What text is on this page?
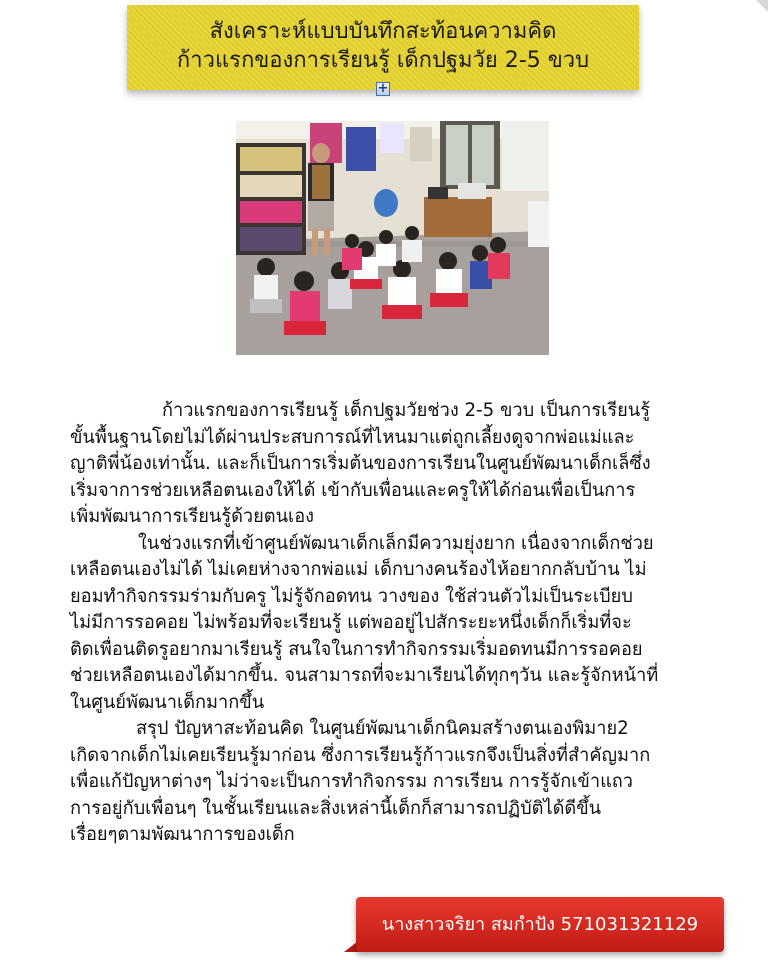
สังเคราะห์แบบบันทึกสะท้อนความคิด
ก้าวแรกของการเรียนรู้ เด็กปฐมวัย 2-5 ขวบ
+

ก้าวแรกของการเรียนรู้ เด็กปฐมวัยช่วง 2-5 ขวบ เป็นการเรียนรู้
ขั้นพื้นฐานโดยไม่ได้ผ่านประสบการณ์ที่ไหนมาแต่ถูกเลี้ยงดูจากพ่อแม่และ
ญาติพี่น้องเท่านั้น. และก็เป็นการเริ่มต้นของการเรียนในศูนย์พัฒนาเด็กเล็ซึ่ง
เริ่มจาการช่วยเหลือตนเองให้ได้ เข้ากับเพื่อนและครูให้ได้ก่อนเพื่อเป็นการ
เพิ่มพัฒนาการเรียนรู้ด้วยตนเอง

ในช่วงแรกที่เข้าศูนย์พัฒนาเด็กเล็กมีความยุ่งยาก เนื่องจากเด็กช่วย
เหลือตนเองไม่ได้ ไม่เคยห่างจากพ่อแม่ เด็กบางคนร้องไห้อยากกลับบ้าน ไม่
ยอมทำกิจกรรมร่ามกับครู ไม่รู้จักอดทน วางของ ใช้ส่วนตัวไม่เป็นระเบียบ
ไม่มีการรอคอย ไม่พร้อมที่จะเรียนรู้ แต่พออยู่ไปสักระยะหนึ่งเด็กก็เริ่มที่จะ
ติดเพื่อนติดรูอยากมาเรียนรู้ สนใจในการทำกิจกรรมเริ่มอดทนมีการรอคอย
ช่วยเหลือตนเองได้มากขึ้น. จนสามารถที่จะมาเรียนได้ทุกๆวัน และรู้จักหน้าที่
ในศูนย์พัฒนาเด็กมากขึ้น

สรุป ปัญหาสะท้อนคิด ในศูนย์พัฒนาเด็กนิคมสร้างตนเองพิมาย2
เกิดจากเด็กไม่เคยเรียนรู้มาก่อน ซึ่งการเรียนรู้ก้าวแรกจึงเป็นสิ่งที่สำคัญมาก
เพื่อแก้ปัญหาต่างๆ ไม่ว่าจะเป็นการทำกิจกรรม การเรียน การรู้จักเข้าแถว
การอยู่กับเพื่อนๆ ในชั้นเรียนและสิ่งเหล่านี้เด็กก็สามารถปฏิบัติได้ดีขึ้น
เรื่อยๆตามพัฒนาการของเด็ก

นางสาวจริยา สมกำปัง 571031321129
